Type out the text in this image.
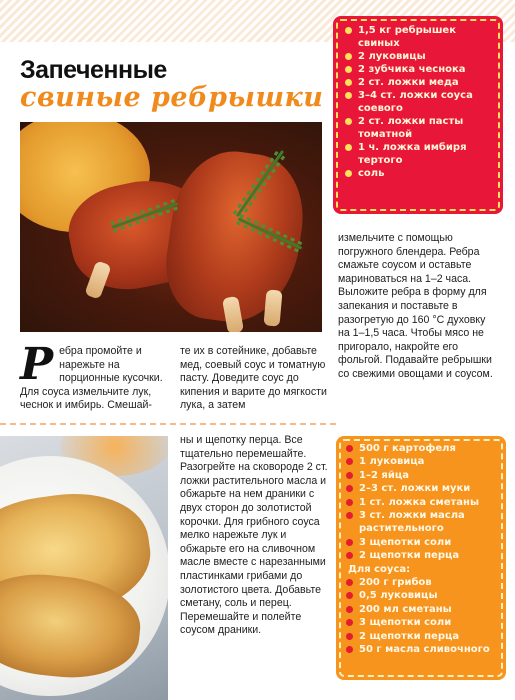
Запеченные
свиные ребрышки
1,5 кг ребрышек свиных
2 луковицы
2 зубчика чеснока
2 ст. ложки меда
3–4 ст. ложки соуса соевого
2 ст. ложки пасты томатной
1 ч. ложка имбиря тертого
соль
Р ебра промойте и нарежьте на порционные кусочки. Для соуса измельчите лук, чеснок и имбирь. Смешай-

те их в сотейнике, добавьте мед, соевый соус и томатную пасту. Доведите соус до кипения и варите до мягкости лука, а затем

измельчите с помощью погружного блендера. Ребра смажьте соусом и оставьте мариноваться на 1–2 часа. Выложите ребра в форму для запекания и поставьте в разогретую до 160 °С духовку на 1–1,5 часа. Чтобы мясо не пригорало, накройте его фольгой. Подавайте ребрышки со свежими овощами и соусом.

ны и щепотку перца. Все тщательно перемешайте. Разогрейте на сковороде 2 ст. ложки растительного масла и обжарьте на нем драники с двух сторон до золотистой корочки. Для грибного соуса мелко нарежьте лук и обжарьте его на сливочном масле вместе с нарезанными пластинками грибами до золотистого цвета. Добавьте сметану, соль и перец. Перемешайте и полейте соусом драники.

500 г картофеля
1 луковица
1–2 яйца
2–3 ст. ложки муки
1 ст. ложка сметаны
3 ст. ложки масла растительного
3 щепотки соли
2 щепотки перца
Для соуса:
200 г грибов
0,5 луковицы
200 мл сметаны
3 щепотки соли
2 щепотки перца
50 г масла сливочного
